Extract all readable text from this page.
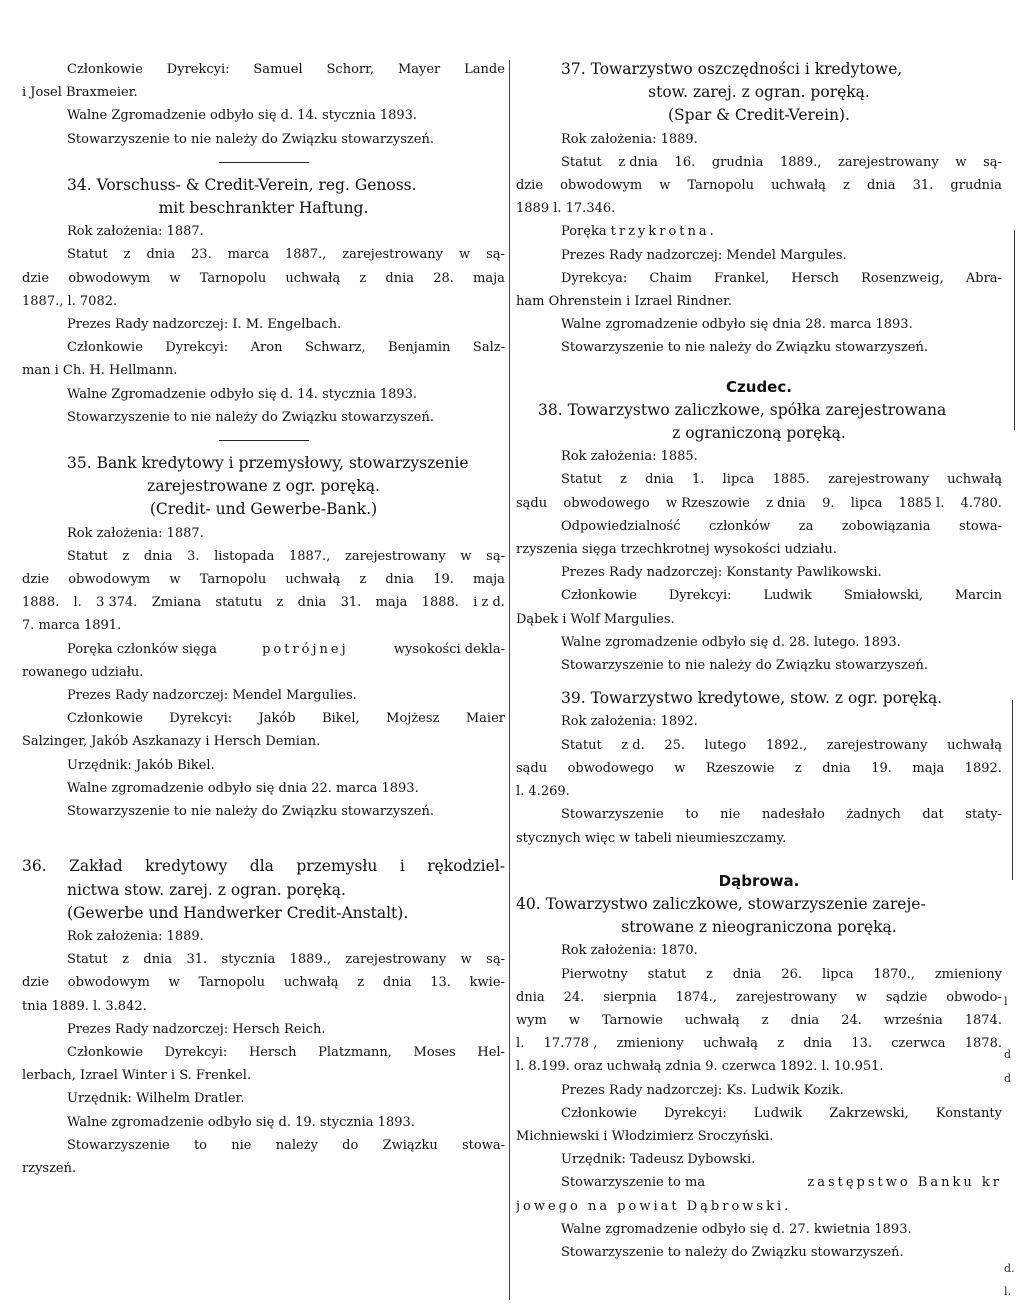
Członkowie Dyrekcyi: Samuel Schorr, Mayer Lande
i Josel Braxmeier.
Walne Zgromadzenie odbyło się d. 14. stycznia 1893.
Stowarzyszenie to nie należy do Związku stowarzyszeń.
34. Vorschuss- & Credit-Verein, reg. Genoss.
mit beschrankter Haftung.
Rok założenia: 1887.
Statut z dnia 23. marca 1887., zarejestrowany w są-
dzie obwodowym w Tarnopolu uchwałą z dnia 28. maja
1887., l. 7082.
Prezes Rady nadzorczej: I. M. Engelbach.
Członkowie Dyrekcyi: Aron Schwarz, Benjamin Salz-
man i Ch. H. Hellmann.
Walne Zgromadzenie odbyło się d. 14. stycznia 1893.
Stowarzyszenie to nie należy do Związku stowarzyszeń.
35. Bank kredytowy i przemysłowy, stowarzyszenie
zarejestrowane z ogr. poręką.
(Credit- und Gewerbe-Bank.)
Rok założenia: 1887.
Statut z dnia 3. listopada 1887., zarejestrowany w są-
dzie obwodowym w Tarnopolu uchwałą z dnia 19. maja
1888. l. 3 374. Zmiana statutu z dnia 31. maja 1888. i z d.
7. marca 1891.
Poręka członków sięga	potrójnej	wysokości dekla-
rowanego udziału.
Prezes Rady nadzorczej: Mendel Margulies.
Członkowie Dyrekcyi: Jakób Bikel, Mojżesz Maier
Salzinger, Jakób Aszkanazy i Hersch Demian.
Urzędnik: Jakób Bikel.
Walne zgromadzenie odbyło się dnia 22. marca 1893.
Stowarzyszenie to nie należy do Związku stowarzyszeń.
36. Zakład kredytowy dla przemysłu i rękodziel-
nictwa stow. zarej. z ogran. poręką.
(Gewerbe und Handwerker Credit-Anstalt).
Rok założenia: 1889.
Statut z dnia 31. stycznia 1889., zarejestrowany w są-
dzie obwodowym w Tarnopolu uchwałą z dnia 13. kwie-
tnia 1889. l. 3.842.
Prezes Rady nadzorczej: Hersch Reich.
Członkowie Dyrekcyi: Hersch Platzmann, Moses Hel-
lerbach, Izrael Winter i S. Frenkel.
Urzędnik: Wilhelm Dratler.
Walne zgromadzenie odbyło się d. 19. stycznia 1893.
Stowarzyszenie to nie należy do Związku stowa-
rzyszeń.
37. Towarzystwo oszczędności i kredytowe,
stow. zarej. z ogran. poręką.
(Spar & Credit-Verein).
Rok założenia: 1889.
Statut z dnia 16. grudnia 1889., zarejestrowany w są-
dzie obwodowym w Tarnopolu uchwałą z dnia 31. grudnia
1889 l. 17.346.
Poręka trzykrotna.
Prezes Rady nadzorczej: Mendel Margules.
Dyrekcya: Chaim Frankel, Hersch Rosenzweig, Abra-
ham Ohrenstein i Izrael Rindner.
Walne zgromadzenie odbyło się dnia 28. marca 1893.
Stowarzyszenie to nie należy do Związku stowarzyszeń.
Czudec.
38. Towarzystwo zaliczkowe, spółka zarejestrowana
z ograniczoną poręką.
Rok założenia: 1885.
Statut z dnia 1. lipca 1885. zarejestrowany uchwałą
sądu obwodowego w Rzeszowie z dnia 9. lipca 1885 l. 4.780.
Odpowiedzialność członków za zobowiązania stowa-
rzyszenia sięga trzechkrotnej wysokości udziału.
Prezes Rady nadzorczej: Konstanty Pawlikowski.
Członkowie Dyrekcyi: Ludwik Smiałowski, Marcin
Dąbek i Wolf Margulies.
Walne zgromadzenie odbyło się d. 28. lutego. 1893.
Stowarzyszenie to nie należy do Związku stowarzyszeń.
39. Towarzystwo kredytowe, stow. z ogr. poręką.
Rok założenia: 1892.
Statut z d. 25. lutego 1892., zarejestrowany uchwałą
sądu obwodowego w Rzeszowie z dnia 19. maja 1892.
l. 4.269.
Stowarzyszenie to nie nadesłało żadnych dat staty-
stycznych więc w tabeli nieumieszczamy.
Dąbrowa.
40. Towarzystwo zaliczkowe, stowarzyszenie zareje-
strowane z nieograniczona poręką.
Rok założenia: 1870.
Pierwotny statut z dnia 26. lipca 1870., zmieniony
dnia 24. sierpnia 1874., zarejestrowany w sądzie obwodo-
wym w Tarnowie uchwałą z dnia 24. września 1874.
l. 17.778 , zmieniony uchwałą z dnia 13. czerwca 1878.
l. 8.199. oraz uchwałą zdnia 9. czerwca 1892. l. 10.951.
Prezes Rady nadzorczej: Ks. Ludwik Kozik.
Członkowie Dyrekcyi: Ludwik Zakrzewski, Konstanty
Michniewski i Włodzimierz Sroczyński.
Urzędnik: Tadeusz Dybowski.
Stowarzyszenie to ma	zastępstwo Banku kr
jowego na powiat Dąbrowski.
Walne zgromadzenie odbyło się d. 27. kwietnia 1893.
Stowarzyszenie to należy do Związku stowarzyszeń.
l
d
d
d.
l.
